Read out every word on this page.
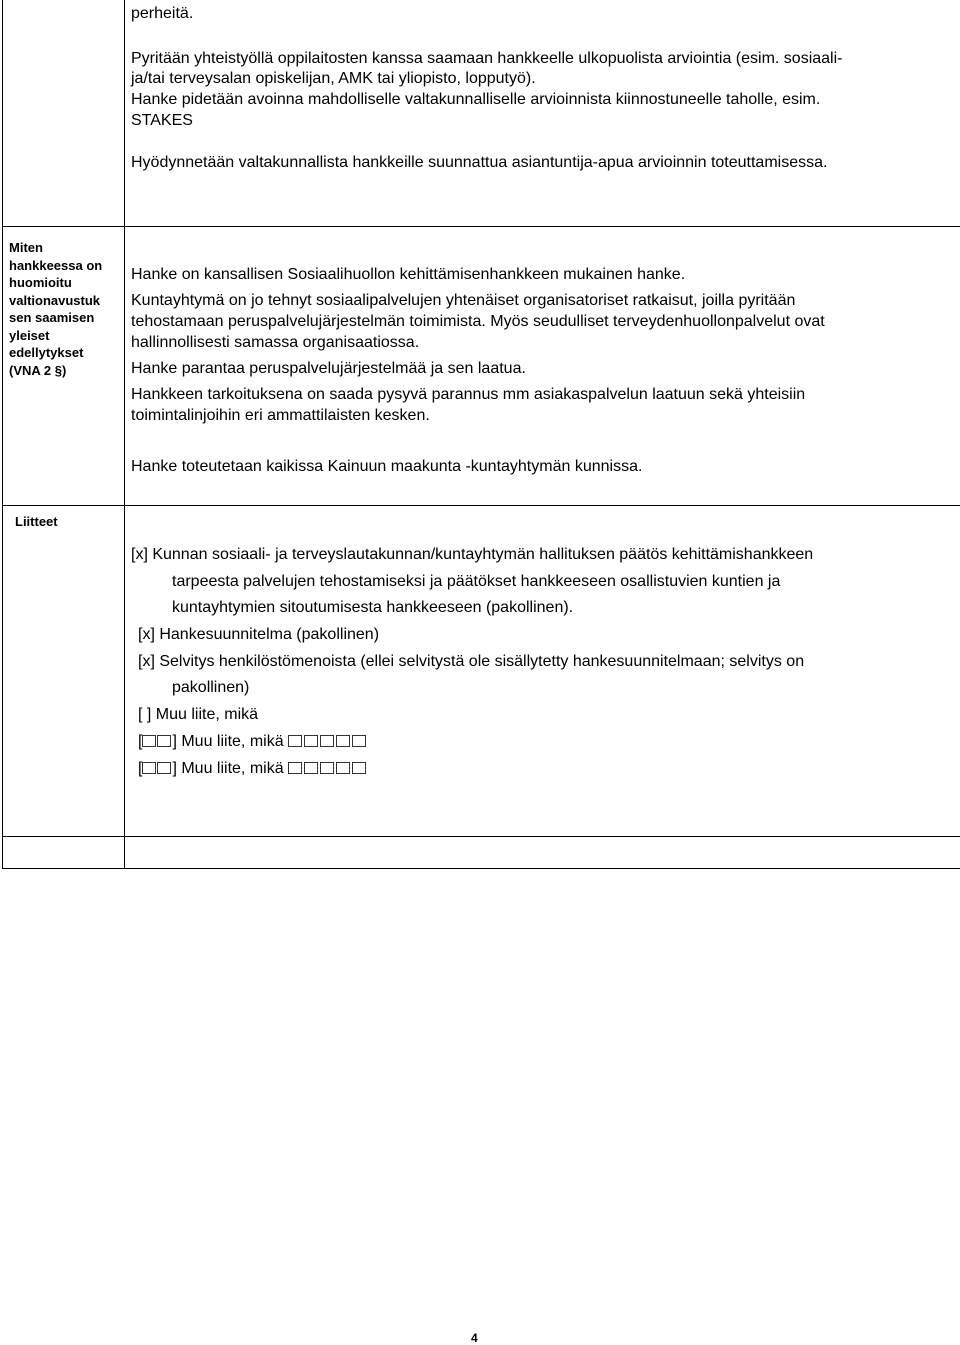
perheitä.
Pyritään yhteistyöllä oppilaitosten kanssa saamaan hankkeelle ulkopuolista arviointia (esim. sosiaali-
ja/tai terveysalan opiskelijan, AMK tai yliopisto, lopputyö).
Hanke pidetään avoinna mahdolliselle valtakunnalliselle arvioinnista kiinnostuneelle taholle, esim.
STAKES
Hyödynnetään valtakunnallista hankkeille suunnattua asiantuntija-apua arvioinnin toteuttamisessa.
Miten
hankkeessa on
huomioitu
valtionavustuk
sen saamisen
yleiset
edellytykset
(VNA 2 §)
Hanke on kansallisen Sosiaalihuollon kehittämisenhankkeen mukainen hanke.
Kuntayhtymä on jo tehnyt sosiaalipalvelujen yhtenäiset organisatoriset ratkaisut, joilla pyritään
tehostamaan peruspalvelujärjestelmän toimimista. Myös seudulliset terveydenhuollonpalvelut ovat
hallinnollisesti samassa organisaatiossa.
Hanke parantaa peruspalvelujärjestelmää ja sen laatua.
Hankkeen tarkoituksena on saada pysyvä parannus mm asiakaspalvelun laatuun sekä yhteisiin
toimintalinjoihin eri ammattilaisten kesken.
Hanke toteutetaan kaikissa Kainuun maakunta -kuntayhtymän kunnissa.
Liitteet
[x] Kunnan sosiaali- ja terveyslautakunnan/kuntayhtymän hallituksen päätös kehittämishankkeen
tarpeesta palvelujen tehostamiseksi ja päätökset hankkeeseen osallistuvien kuntien ja
kuntayhtymien sitoutumisesta hankkeeseen (pakollinen).
[x] Hankesuunnitelma (pakollinen)
[x] Selvitys henkilöstömenoista (ellei selvitystä ole sisällytetty hankesuunnitelmaan; selvitys on
pakollinen)
[ ] Muu liite, mikä
[ ] Muu liite, mikä
[ ] Muu liite, mikä
4
